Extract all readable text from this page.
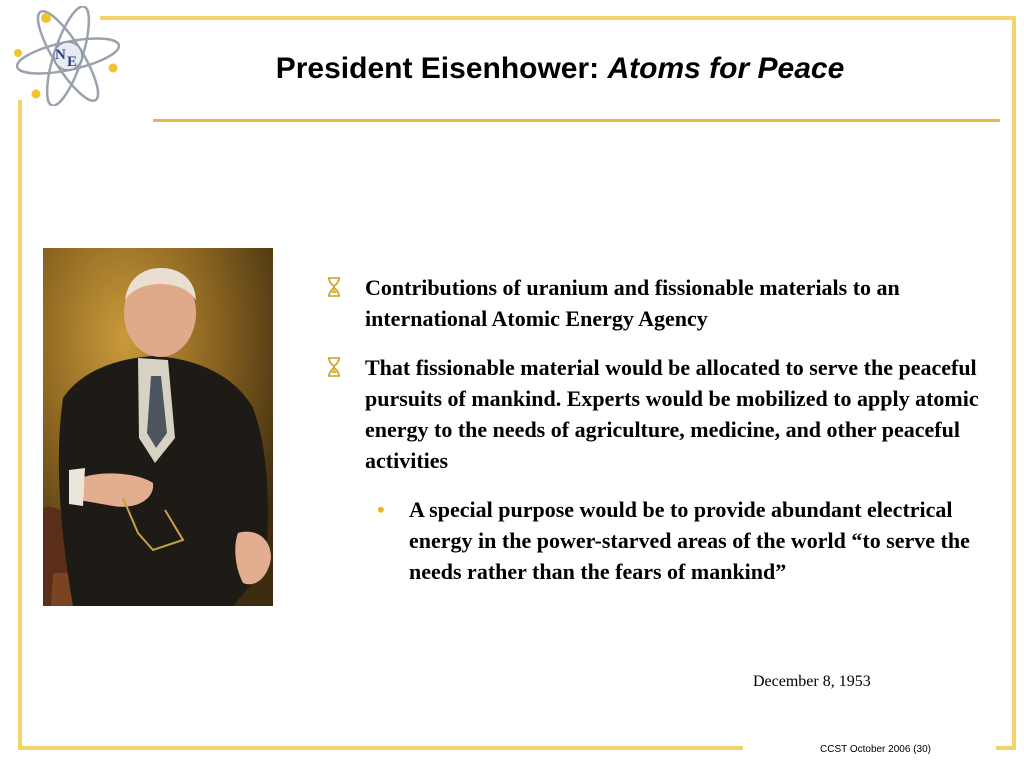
N E	President Eisenhower: Atoms for Peace
Contributions of uranium and fissionable materials to an international Atomic Energy Agency
That fissionable material would be allocated to serve the peaceful pursuits of mankind. Experts would be mobilized to apply atomic energy to the needs of agriculture, medicine, and other peaceful activities
• A special purpose would be to provide abundant electrical energy in the power-starved areas of the world “to serve the needs rather than the fears of mankind”
December 8, 1953
CCST October 2006 (30)
